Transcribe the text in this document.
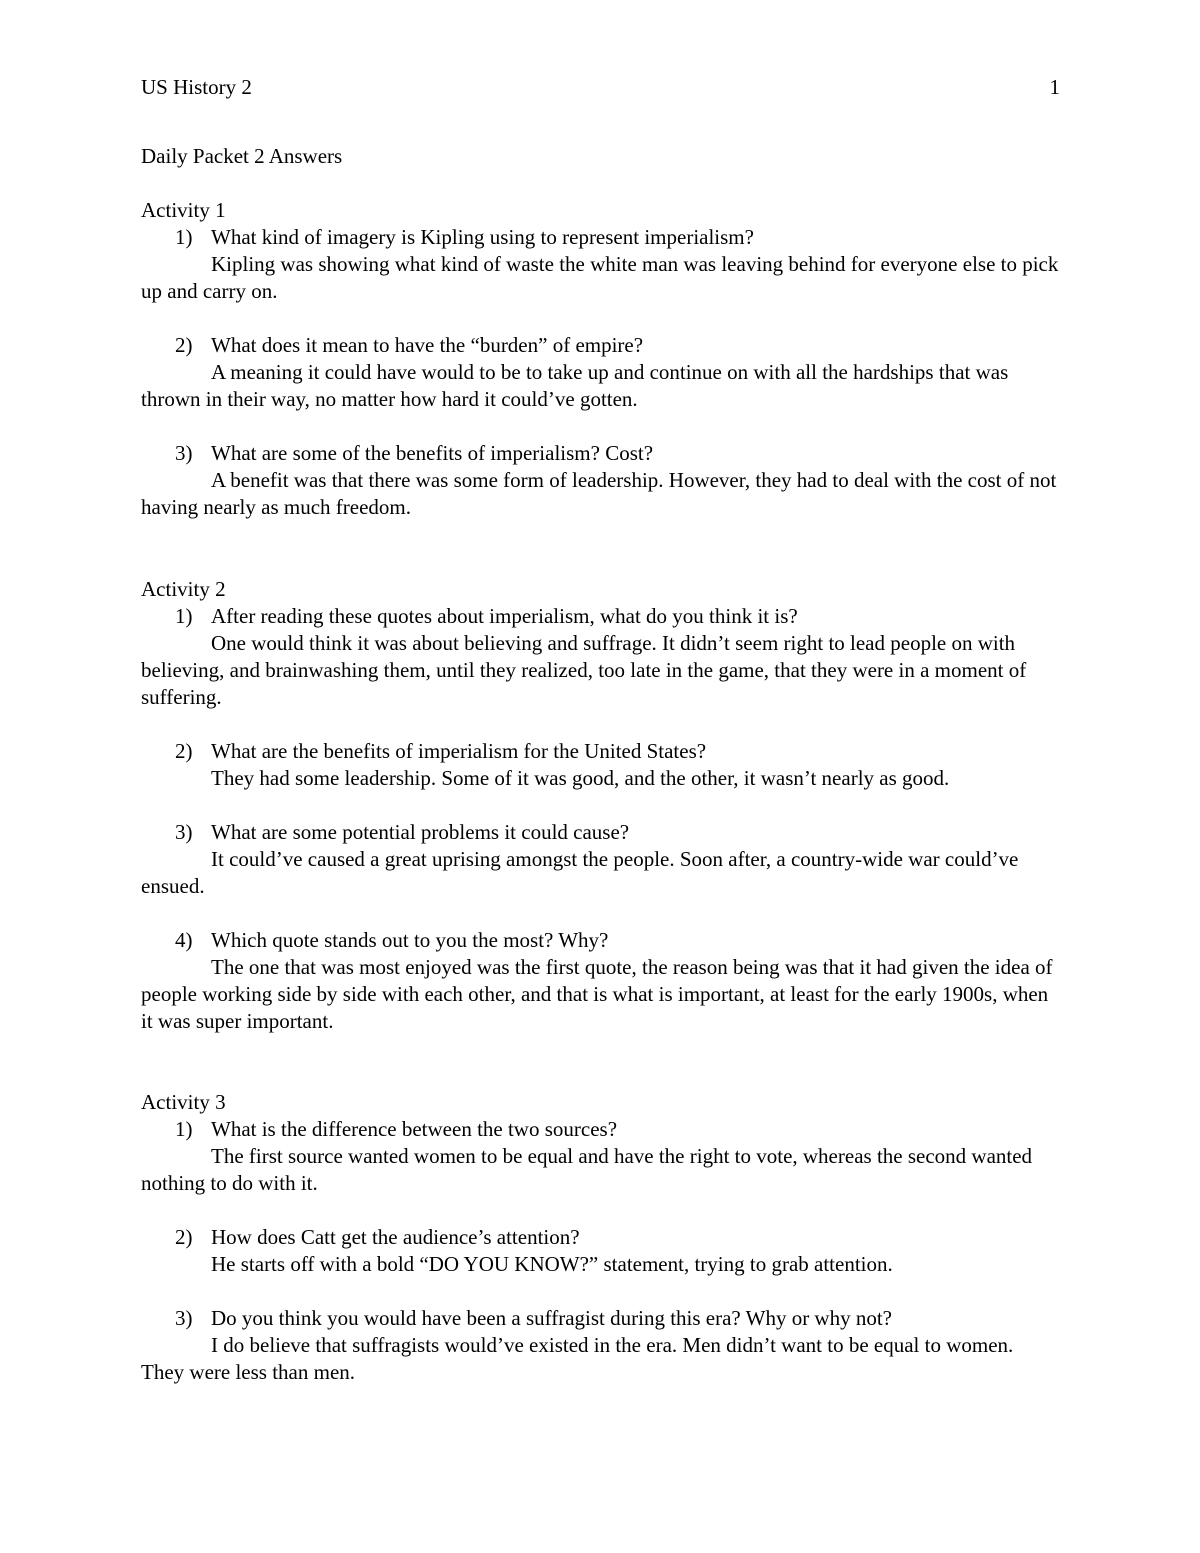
US History 2	1
Daily Packet 2 Answers
Activity 1
1) What kind of imagery is Kipling using to represent imperialism?
Kipling was showing what kind of waste the white man was leaving behind for everyone else to pick up and carry on.
2) What does it mean to have the “burden” of empire?
A meaning it could have would to be to take up and continue on with all the hardships that was thrown in their way, no matter how hard it could’ve gotten.
3) What are some of the benefits of imperialism? Cost?
A benefit was that there was some form of leadership. However, they had to deal with the cost of not having nearly as much freedom.
Activity 2
1) After reading these quotes about imperialism, what do you think it is?
One would think it was about believing and suffrage. It didn’t seem right to lead people on with believing, and brainwashing them, until they realized, too late in the game, that they were in a moment of suffering.
2) What are the benefits of imperialism for the United States?
They had some leadership. Some of it was good, and the other, it wasn’t nearly as good.
3) What are some potential problems it could cause?
It could’ve caused a great uprising amongst the people. Soon after, a country-wide war could’ve ensued.
4) Which quote stands out to you the most? Why?
The one that was most enjoyed was the first quote, the reason being was that it had given the idea of people working side by side with each other, and that is what is important, at least for the early 1900s, when it was super important.
Activity 3
1) What is the difference between the two sources?
The first source wanted women to be equal and have the right to vote, whereas the second wanted nothing to do with it.
2) How does Catt get the audience’s attention?
He starts off with a bold “DO YOU KNOW?” statement, trying to grab attention.
3) Do you think you would have been a suffragist during this era? Why or why not?
I do believe that suffragists would’ve existed in the era. Men didn’t want to be equal to women. They were less than men.
